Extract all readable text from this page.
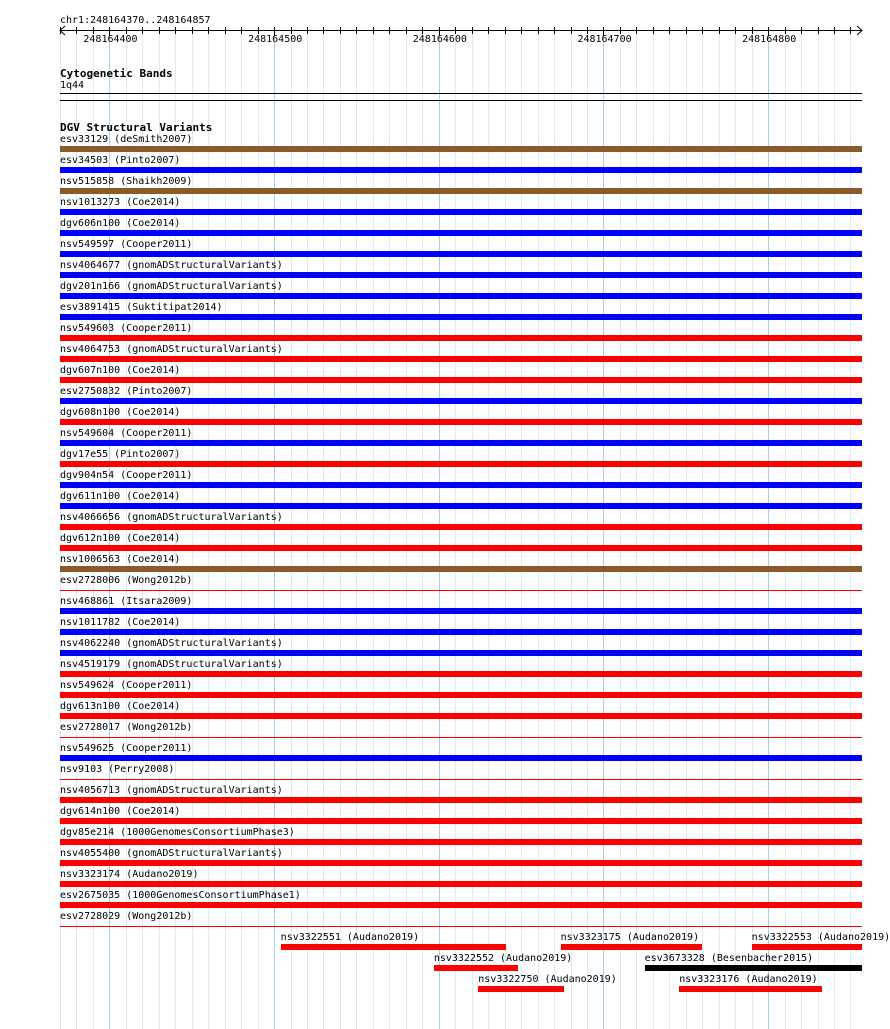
chr1:248164370..248164857
248164400	248164500	248164600	248164700	248164800
Cytogenetic Bands
1q44
DGV Structural Variants
esv33129 (deSmith2007)
esv34503 (Pinto2007)
nsv515858 (Shaikh2009)
nsv1013273 (Coe2014)
dgv606n100 (Coe2014)
nsv549597 (Cooper2011)
nsv4064677 (gnomADStructuralVariants)
dgv201n166 (gnomADStructuralVariants)
esv3891415 (Suktitipat2014)
nsv549603 (Cooper2011)
nsv4064753 (gnomADStructuralVariants)
dgv607n100 (Coe2014)
esv2750832 (Pinto2007)
dgv608n100 (Coe2014)
nsv549604 (Cooper2011)
dgv17e55 (Pinto2007)
dgv904n54 (Cooper2011)
dgv611n100 (Coe2014)
nsv4066656 (gnomADStructuralVariants)
dgv612n100 (Coe2014)
nsv1006563 (Coe2014)
esv2728006 (Wong2012b)
nsv468861 (Itsara2009)
nsv1011782 (Coe2014)
nsv4062240 (gnomADStructuralVariants)
nsv4519179 (gnomADStructuralVariants)
nsv549624 (Cooper2011)
dgv613n100 (Coe2014)
esv2728017 (Wong2012b)
nsv549625 (Cooper2011)
nsv9103 (Perry2008)
nsv4056713 (gnomADStructuralVariants)
dgv614n100 (Coe2014)
dgv85e214 (1000GenomesConsortiumPhase3)
nsv4055400 (gnomADStructuralVariants)
nsv3323174 (Audano2019)
esv2675035 (1000GenomesConsortiumPhase1)
esv2728029 (Wong2012b)
nsv3322551 (Audano2019)	nsv3323175 (Audano2019)	nsv3322553 (Audano2019)
nsv3322552 (Audano2019)	esv3673328 (Besenbacher2015)
nsv3322750 (Audano2019)	nsv3323176 (Audano2019)
